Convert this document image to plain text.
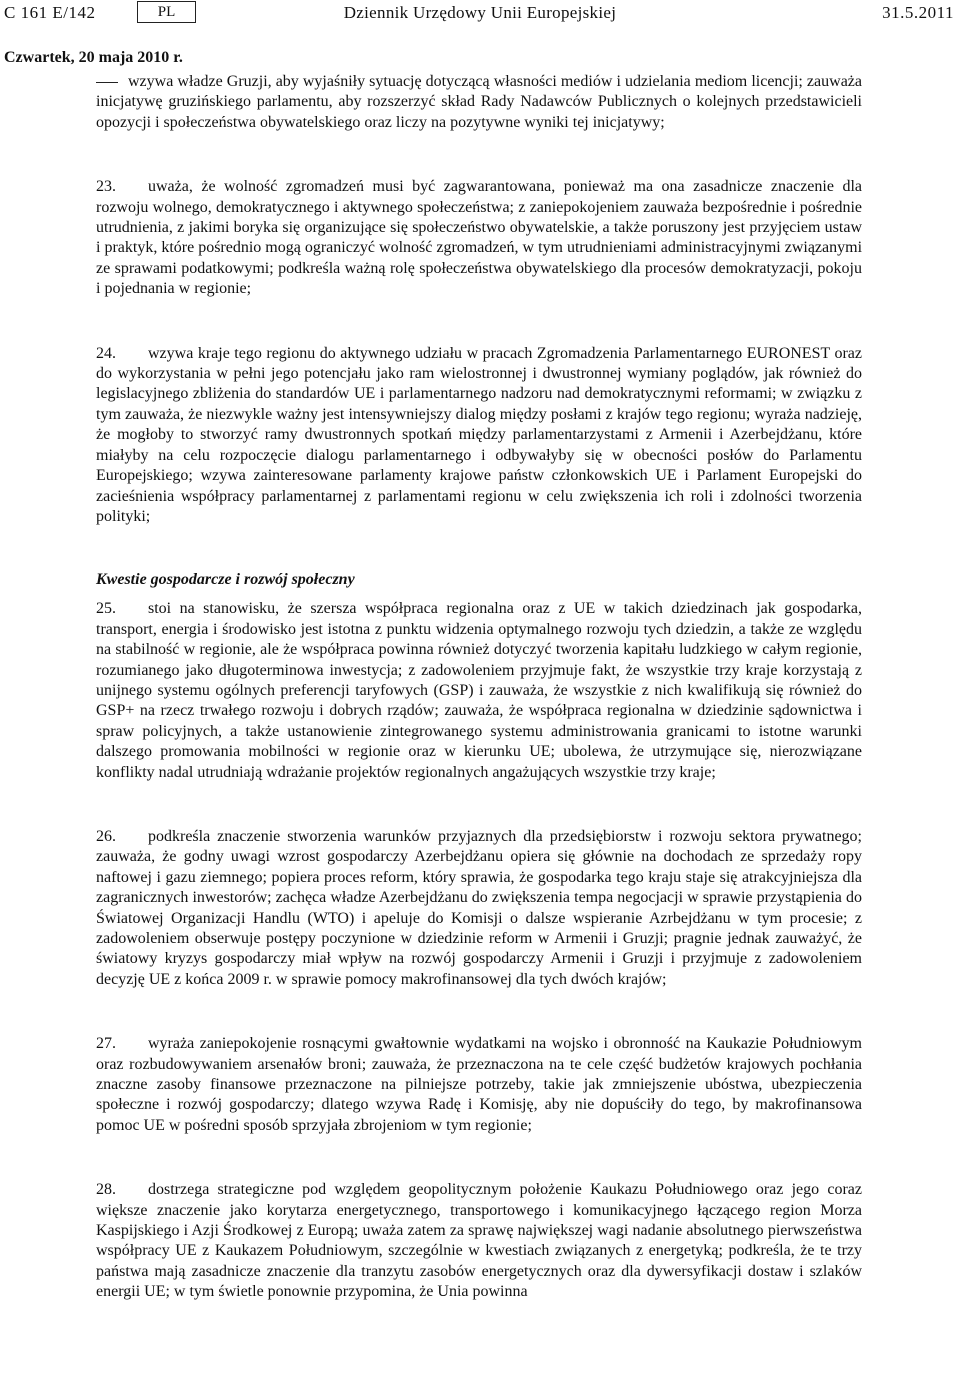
C 161 E/142	PL	Dziennik Urzędowy Unii Europejskiej	31.5.2011
Czwartek, 20 maja 2010 r.

wzywa władze Gruzji, aby wyjaśniły sytuację dotyczącą własności mediów i udzielania mediom licencji; zauważa inicjatywę gruzińskiego parlamentu, aby rozszerzyć skład Rady Nadawców Publicznych o kolejnych przedstawicieli opozycji i społeczeństwa obywatelskiego oraz liczy na pozytywne wyniki tej inicjatywy;

23. uważa, że wolność zgromadzeń musi być zagwarantowana, ponieważ ma ona zasadnicze znaczenie dla rozwoju wolnego, demokratycznego i aktywnego społeczeństwa; z zaniepokojeniem zauważa bezpośrednie i pośrednie utrudnienia, z jakimi boryka się organizujące się społeczeństwo obywatelskie, a także poruszony jest przyjęciem ustaw i praktyk, które pośrednio mogą ograniczyć wolność zgromadzeń, w tym utrudnieniami administracyjnymi związanymi ze sprawami podatkowymi; podkreśla ważną rolę społeczeństwa obywatelskiego dla procesów demokratyzacji, pokoju i pojednania w regionie;

24. wzywa kraje tego regionu do aktywnego udziału w pracach Zgromadzenia Parlamentarnego EURONEST oraz do wykorzystania w pełni jego potencjału jako ram wielostronnej i dwustronnej wymiany poglądów, jak również do legislacyjnego zbliżenia do standardów UE i parlamentarnego nadzoru nad demokratycznymi reformami; w związku z tym zauważa, że niezwykle ważny jest intensywniejszy dialog między posłami z krajów tego regionu; wyraża nadzieję, że mogłoby to stworzyć ramy dwustronnych spotkań między parlamentarzystami z Armenii i Azerbejdżanu, które miałyby na celu rozpoczęcie dialogu parlamentarnego i odbywałyby się w obecności posłów do Parlamentu Europejskiego; wzywa zainteresowane parlamenty krajowe państw członkowskich UE i Parlament Europejski do zacieśnienia współpracy parlamentarnej z parlamentami regionu w celu zwiększenia ich roli i zdolności tworzenia polityki;

Kwestie gospodarcze i rozwój społeczny

25. stoi na stanowisku, że szersza współpraca regionalna oraz z UE w takich dziedzinach jak gospodarka, transport, energia i środowisko jest istotna z punktu widzenia optymalnego rozwoju tych dziedzin, a także ze względu na stabilność w regionie, ale że współpraca powinna również dotyczyć tworzenia kapitału ludzkiego w całym regionie, rozumianego jako długoterminowa inwestycja; z zadowoleniem przyjmuje fakt, że wszystkie trzy kraje korzystają z unijnego systemu ogólnych preferencji taryfowych (GSP) i zauważa, że wszystkie z nich kwalifikują się również do GSP+ na rzecz trwałego rozwoju i dobrych rządów; zauważa, że współpraca regionalna w dziedzinie sądownictwa i spraw policyjnych, a także ustanowienie zintegrowanego systemu administrowania granicami to istotne warunki dalszego promowania mobilności w regionie oraz w kierunku UE; ubolewa, że utrzymujące się, nierozwiązane konflikty nadal utrudniają wdrażanie projektów regionalnych angażujących wszystkie trzy kraje;

26. podkreśla znaczenie stworzenia warunków przyjaznych dla przedsiębiorstw i rozwoju sektora prywatnego; zauważa, że godny uwagi wzrost gospodarczy Azerbejdżanu opiera się głównie na dochodach ze sprzedaży ropy naftowej i gazu ziemnego; popiera proces reform, który sprawia, że gospodarka tego kraju staje się atrakcyjniejsza dla zagranicznych inwestorów; zachęca władze Azerbejdżanu do zwiększenia tempa negocjacji w sprawie przystąpienia do Światowej Organizacji Handlu (WTO) i apeluje do Komisji o dalsze wspieranie Azrbejdżanu w tym procesie; z zadowoleniem obserwuje postępy poczynione w dziedzinie reform w Armenii i Gruzji; pragnie jednak zauważyć, że światowy kryzys gospodarczy miał wpływ na rozwój gospodarczy Armenii i Gruzji i przyjmuje z zadowoleniem decyzję UE z końca 2009 r. w sprawie pomocy makrofinansowej dla tych dwóch krajów;

27. wyraża zaniepokojenie rosnącymi gwałtownie wydatkami na wojsko i obronność na Kaukazie Południowym oraz rozbudowywaniem arsenałów broni; zauważa, że przeznaczona na te cele część budżetów krajowych pochłania znaczne zasoby finansowe przeznaczone na pilniejsze potrzeby, takie jak zmniejszenie ubóstwa, ubezpieczenia społeczne i rozwój gospodarczy; dlatego wzywa Radę i Komisję, aby nie dopuściły do tego, by makrofinansowa pomoc UE w pośredni sposób sprzyjała zbrojeniom w tym regionie;

28. dostrzega strategiczne pod względem geopolitycznym położenie Kaukazu Południowego oraz jego coraz większe znaczenie jako korytarza energetycznego, transportowego i komunikacyjnego łączącego region Morza Kaspijskiego i Azji Środkowej z Europą; uważa zatem za sprawę największej wagi nadanie absolutnego pierwszeństwa współpracy UE z Kaukazem Południowym, szczególnie w kwestiach związanych z energetyką; podkreśla, że te trzy państwa mają zasadnicze znaczenie dla tranzytu zasobów energetycznych oraz dla dywersyfikacji dostaw i szlaków energii UE; w tym świetle ponownie przypomina, że Unia powinna
